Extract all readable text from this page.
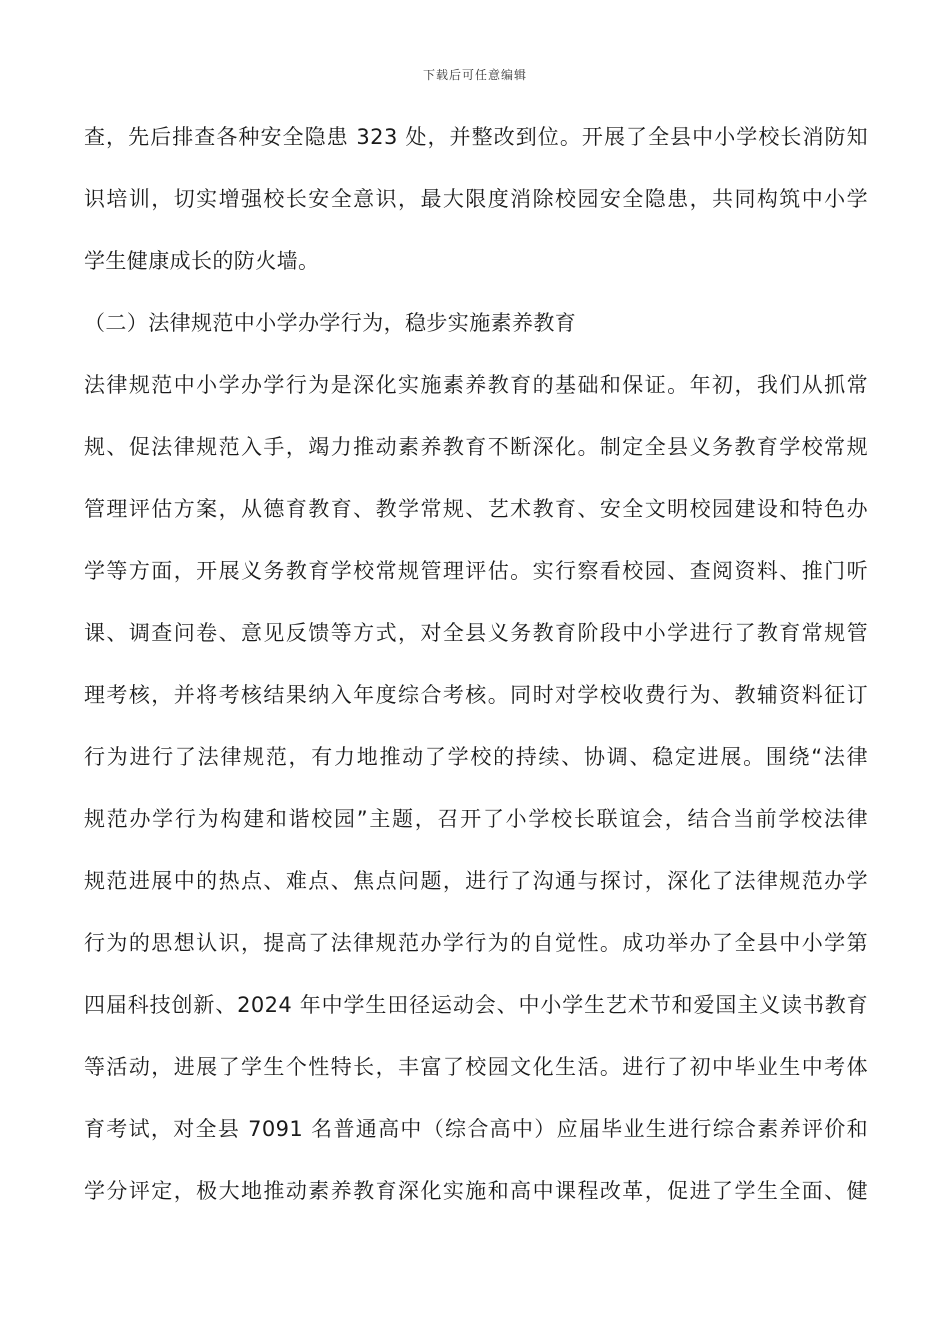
下载后可任意编辑
查，先后排查各种安全隐患 323 处，并整改到位。开展了全县中小学校长消防知
识培训，切实增强校长安全意识，最大限度消除校园安全隐患，共同构筑中小学
学生健康成长的防火墙。
（二）法律规范中小学办学行为，稳步实施素养教育
法律规范中小学办学行为是深化实施素养教育的基础和保证。年初，我们从抓常
规、促法律规范入手，竭力推动素养教育不断深化。制定全县义务教育学校常规
管理评估方案，从德育教育、教学常规、艺术教育、安全文明校园建设和特色办
学等方面，开展义务教育学校常规管理评估。实行察看校园、查阅资料、推门听
课、调查问卷、意见反馈等方式，对全县义务教育阶段中小学进行了教育常规管
理考核，并将考核结果纳入年度综合考核。同时对学校收费行为、教辅资料征订
行为进行了法律规范，有力地推动了学校的持续、协调、稳定进展。围绕“法律
规范办学行为构建和谐校园”主题，召开了小学校长联谊会，结合当前学校法律
规范进展中的热点、难点、焦点问题，进行了沟通与探讨，深化了法律规范办学
行为的思想认识，提高了法律规范办学行为的自觉性。成功举办了全县中小学第
四届科技创新、2024 年中学生田径运动会、中小学生艺术节和爱国主义读书教育
等活动，进展了学生个性特长，丰富了校园文化生活。进行了初中毕业生中考体
育考试，对全县 7091 名普通高中（综合高中）应届毕业生进行综合素养评价和
学分评定，极大地推动素养教育深化实施和高中课程改革，促进了学生全面、健
